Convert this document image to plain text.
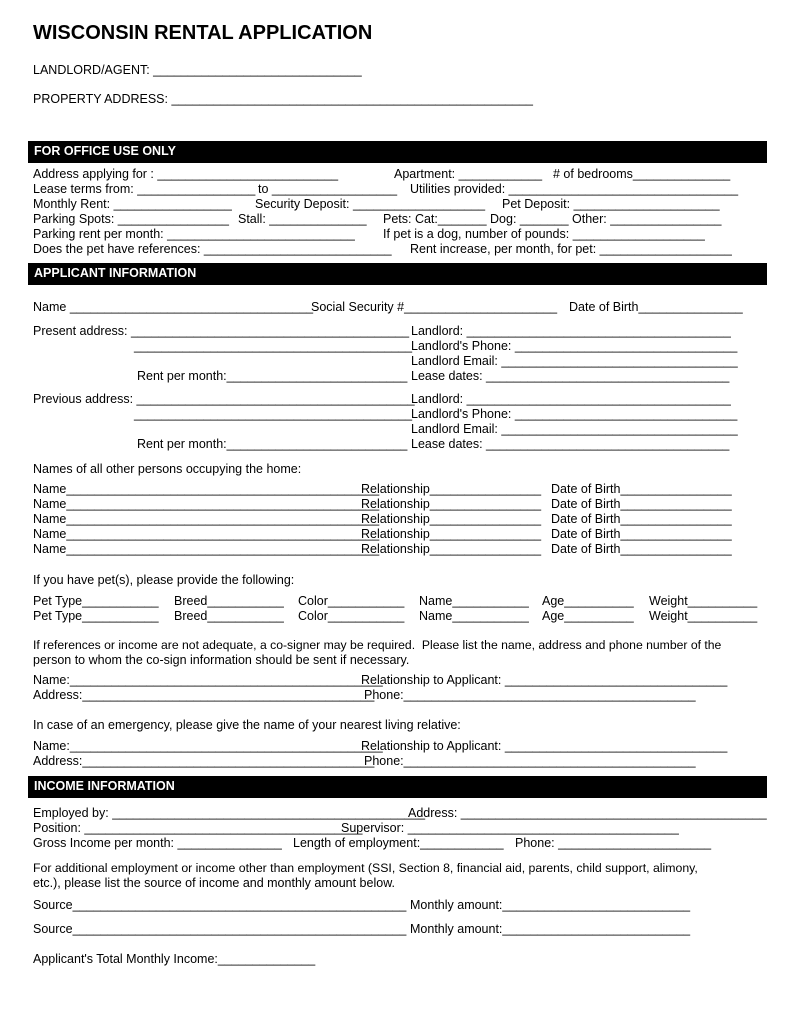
WISCONSIN RENTAL APPLICATION
LANDLORD/AGENT: ______________________________
PROPERTY ADDRESS: ____________________________________________________
FOR OFFICE USE ONLY
Address applying for : __________________________	Apartment: ____________ # of bedrooms______________
Lease terms from: _________________ to __________________ Utilities provided: _________________________________
Monthly Rent: _________________ Security Deposit: ___________________ Pet Deposit: _____________________
Parking Spots: ________________ Stall: ______________ Pets: Cat:_______ Dog: _______ Other: ________________
Parking rent per month: ___________________________ If pet is a dog, number of pounds: ___________________
Does the pet have references: ___________________________ Rent increase, per month, for pet: ___________________
APPLICANT INFORMATION
Name ___________________________________
Social Security #______________________ Date of Birth_______________
Present address: ________________________________________
________________________________________
Rent per month:__________________________
Landlord: ______________________________________
Landlord's Phone: ________________________________
Landlord Email: __________________________________
Lease dates: ___________________________________
Previous address: ________________________________________
________________________________________
Rent per month:__________________________
Landlord: ______________________________________
Landlord's Phone: ________________________________
Landlord Email: __________________________________
Lease dates: ___________________________________
Names of all other persons occupying the home:
Name_____________________________________________
Relationship________________ Date of Birth________________
Name_____________________________________________
Relationship________________ Date of Birth________________
Name_____________________________________________
Relationship________________ Date of Birth________________
Name_____________________________________________
Relationship________________ Date of Birth________________
Name_____________________________________________
Relationship________________ Date of Birth________________
If you have pet(s), please provide the following:
Pet Type___________ Breed___________ Color___________ Name___________ Age__________ Weight__________
Pet Type___________ Breed___________ Color___________ Name___________ Age__________ Weight__________
If references or income are not adequate, a co-signer may be required.  Please list the name, address and phone number of the
person to whom the co-sign information should be sent if necessary.
Name:_____________________________________________
Relationship to Applicant: ________________________________
Address:__________________________________________
Phone:__________________________________________
In case of an emergency, please give the name of your nearest living relative:
Name:_____________________________________________
Relationship to Applicant: ________________________________
Address:__________________________________________
Phone:__________________________________________
INCOME INFORMATION
Employed by: _____________________________________________
Address: ____________________________________________
Position: ________________________________________
Supervisor: _______________________________________
Gross Income per month: _______________ Length of employment:____________ Phone: ______________________
For additional employment or income other than employment (SSI, Section 8, financial aid, parents, child support, alimony,
etc.), please list the source of income and monthly amount below.
Source________________________________________________ Monthly amount:___________________________
Source________________________________________________ Monthly amount:___________________________
Applicant's Total Monthly Income:______________
